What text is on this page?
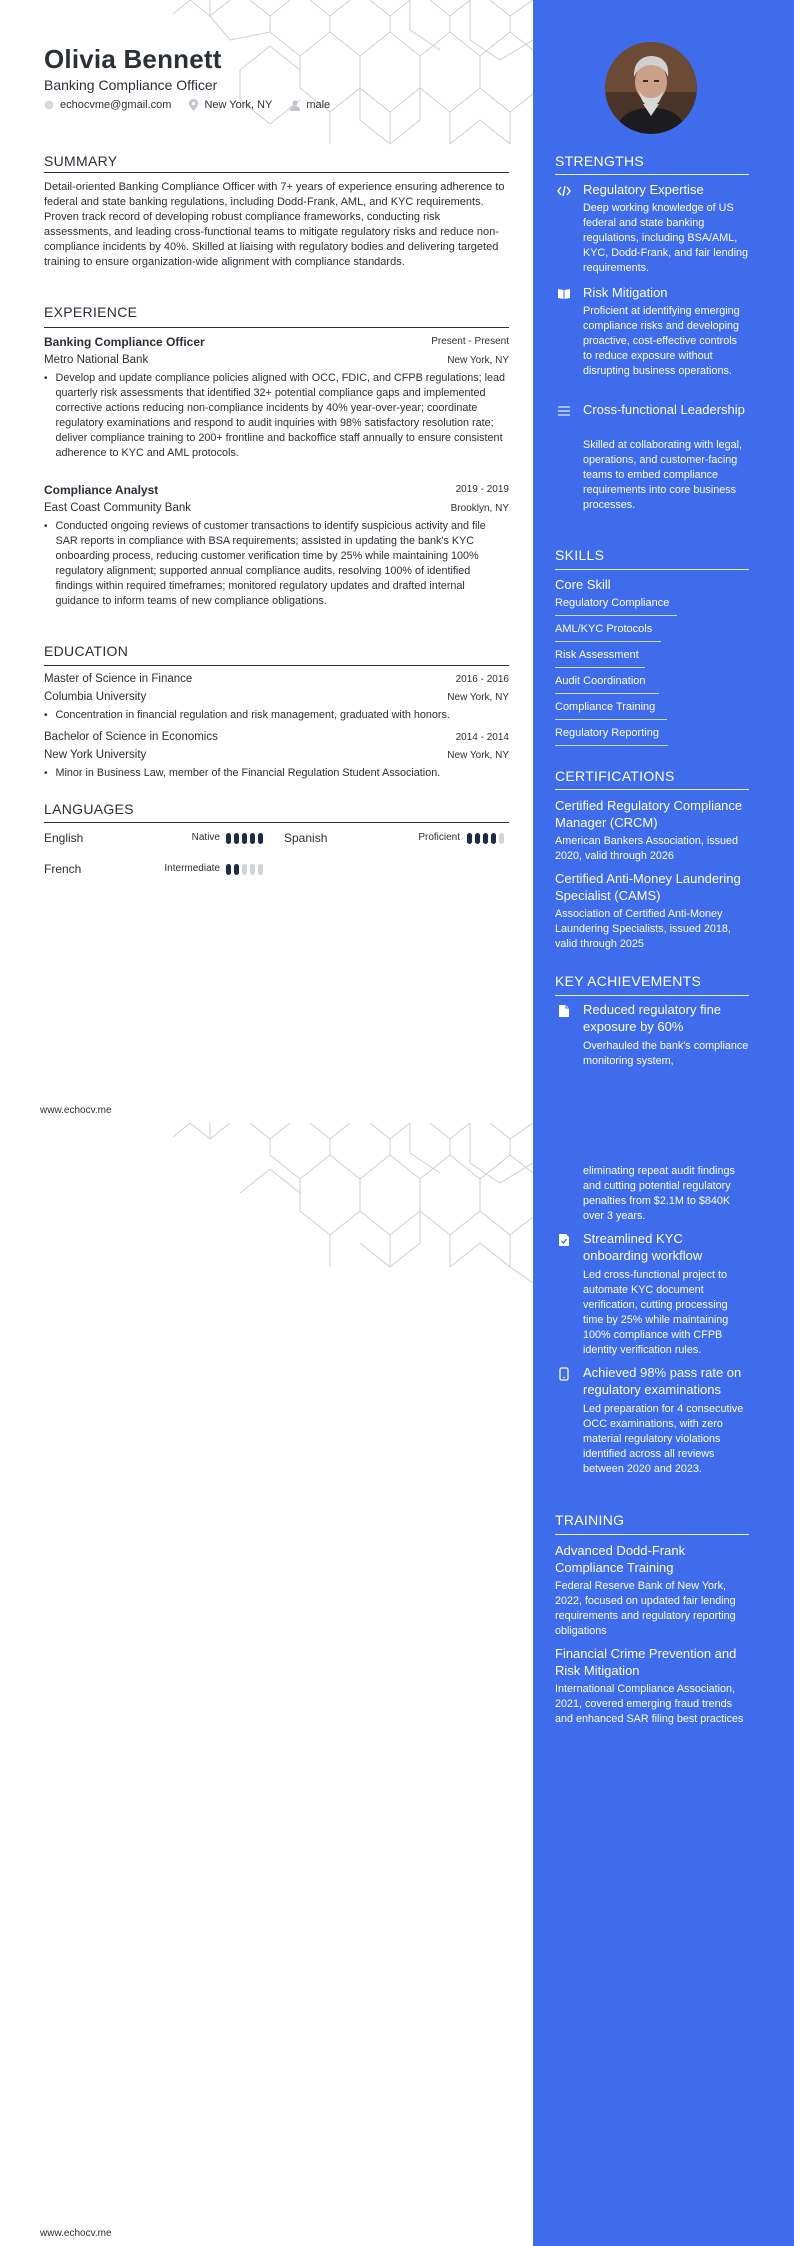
Olivia Bennett
Banking Compliance Officer
echocvme@gmail.com	New York, NY	male
SUMMARY
Detail-oriented Banking Compliance Officer with 7+ years of experience ensuring adherence to federal and state banking regulations, including Dodd-Frank, AML, and KYC requirements. Proven track record of developing robust compliance frameworks, conducting risk assessments, and leading cross-functional teams to mitigate regulatory risks and reduce non-compliance incidents by 40%. Skilled at liaising with regulatory bodies and delivering targeted training to ensure organization-wide alignment with compliance standards.
EXPERIENCE
Banking Compliance Officer	Present - Present
Metro National Bank	New York, NY
• Develop and update compliance policies aligned with OCC, FDIC, and CFPB regulations; lead quarterly risk assessments that identified 32+ potential compliance gaps and implemented corrective actions reducing non-compliance incidents by 40% year-over-year; coordinate regulatory examinations and respond to audit inquiries with 98% satisfactory resolution rate; deliver compliance training to 200+ frontline and backoffice staff annually to ensure consistent adherence to KYC and AML protocols.
Compliance Analyst	2019 - 2019
East Coast Community Bank	Brooklyn, NY
• Conducted ongoing reviews of customer transactions to identify suspicious activity and file SAR reports in compliance with BSA requirements; assisted in updating the bank's KYC onboarding process, reducing customer verification time by 25% while maintaining 100% regulatory alignment; supported annual compliance audits, resolving 100% of identified findings within required timeframes; monitored regulatory updates and drafted internal guidance to inform teams of new compliance obligations.
EDUCATION
Master of Science in Finance	2016 - 2016
Columbia University	New York, NY
• Concentration in financial regulation and risk management, graduated with honors.
Bachelor of Science in Economics	2014 - 2014
New York University	New York, NY
• Minor in Business Law, member of the Financial Regulation Student Association.
LANGUAGES
English	Native	Spanish	Proficient
French	Intermediate
www.echocv.me
www.echocv.me
STRENGTHS
Regulatory Expertise
Deep working knowledge of US federal and state banking regulations, including BSA/AML, KYC, Dodd-Frank, and fair lending requirements.
Risk Mitigation
Proficient at identifying emerging compliance risks and developing proactive, cost-effective controls to reduce exposure without disrupting business operations.
Cross-functional Leadership
Skilled at collaborating with legal, operations, and customer-facing teams to embed compliance requirements into core business processes.
SKILLS
Core Skill
Regulatory Compliance
AML/KYC Protocols
Risk Assessment
Audit Coordination
Compliance Training
Regulatory Reporting
CERTIFICATIONS
Certified Regulatory Compliance Manager (CRCM)
American Bankers Association, issued 2020, valid through 2026
Certified Anti-Money Laundering Specialist (CAMS)
Association of Certified Anti-Money Laundering Specialists, issued 2018, valid through 2025
KEY ACHIEVEMENTS
Reduced regulatory fine exposure by 60%
Overhauled the bank's compliance monitoring system,
eliminating repeat audit findings and cutting potential regulatory penalties from $2.1M to $840K over 3 years.
Streamlined KYC onboarding workflow
Led cross-functional project to automate KYC document verification, cutting processing time by 25% while maintaining 100% compliance with CFPB identity verification rules.
Achieved 98% pass rate on regulatory examinations
Led preparation for 4 consecutive OCC examinations, with zero material regulatory violations identified across all reviews between 2020 and 2023.
TRAINING
Advanced Dodd-Frank Compliance Training
Federal Reserve Bank of New York, 2022, focused on updated fair lending requirements and regulatory reporting obligations
Financial Crime Prevention and Risk Mitigation
International Compliance Association, 2021, covered emerging fraud trends and enhanced SAR filing best practices
